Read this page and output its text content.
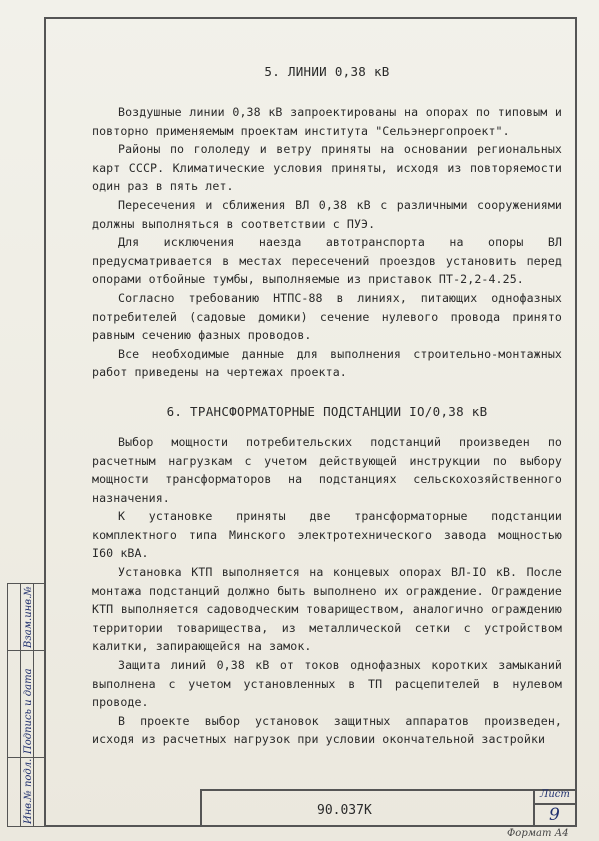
Взам.инв.№
Подпись и дата
Инв.№ подл.

5. ЛИНИИ 0,38 кВ

Воздушные линии 0,38 кВ запроектированы на опорах по типовым и повторно применяемым проектам института "Сельэнергопроект".

Районы по гололеду и ветру приняты на основании региональных карт СССР. Климатические условия приняты, исходя из повторяемости один раз в пять лет.

Пересечения и сближения ВЛ 0,38 кВ с различными сооружениями должны выполняться в соответствии с ПУЭ.

Для исключения наезда автотранспорта на опоры ВЛ предусматривается в местах пересечений проездов установить перед опорами отбойные тумбы, выполняемые из приставок ПТ-2,2-4.25.

Согласно требованию НТПС-88 в линиях, питающих однофазных потребителей (садовые домики) сечение нулевого провода принято равным сечению фазных проводов.

Все необходимые данные для выполнения строительно-монтажных работ приведены на чертежах проекта.

6. ТРАНСФОРМАТОРНЫЕ ПОДСТАНЦИИ IO/0,38 кВ

Выбор мощности потребительских подстанций произведен по расчетным нагрузкам с учетом действующей инструкции по выбору мощности трансформаторов на подстанциях сельскохозяйственного назначения.

К установке приняты две трансформаторные подстанции комплектного типа Минского электротехнического завода мощностью I60 кВА.

Установка КТП выполняется на концевых опорах ВЛ-IO кВ. После монтажа подстанций должно быть выполнено их ограждение. Ограждение КТП выполняется садоводческим товариществом, аналогично ограждению территории товарищества, из металлической сетки с устройством калитки, запирающейся на замок.

Защита линий 0,38 кВ от токов однофазных коротких замыканий выполнена с учетом установленных в ТП расцепителей в нулевом проводе.

В проекте выбор установок защитных аппаратов произведен, исходя из расчетных нагрузок при условии окончательной застройки

90.037К
Лист
9
Формат А4
